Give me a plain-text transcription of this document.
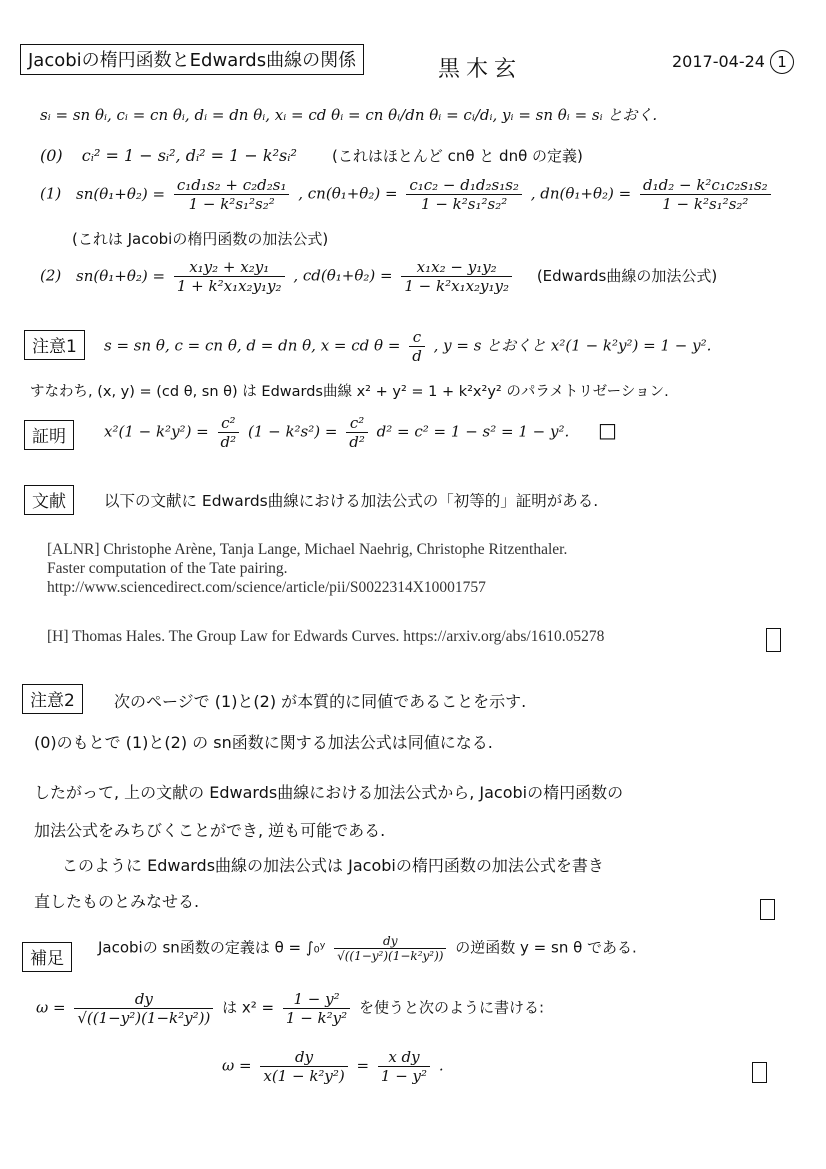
Jacobiの楕円函数とEdwards曲線の関係	黒木玄	2017-04-24 1
sᵢ = sn θᵢ, cᵢ = cn θᵢ, dᵢ = dn θᵢ, xᵢ = cd θᵢ = cn θᵢ/dn θᵢ = cᵢ/dᵢ, yᵢ = sn θᵢ = sᵢ とおく.
(0) cᵢ² = 1 − sᵢ², dᵢ² = 1 − k²sᵢ² (これはほとんど cnθ と dnθ の定義)
(1) $sn(\theta_1+\theta_2) = \frac{\text{c₁d₁s₂ + c₂d₂s₁}}{\text{1 − k²s₁²s₂²}}$ , $cn(\theta_1+\theta_2) = \frac{\text{c₁c₂ − d₁d₂s₁s₂}}{\text{1 − k²s₁²s₂²}}$ , $dn(\theta_1+\theta_2) = \frac{\text{d₁d₂ − k²c₁c₂s₁s₂}}{\text{1 − k²s₁²s₂²}}$
(これは Jacobiの楕円函数の加法公式)
(2) $sn(\theta_1+\theta_2) = \frac{\text{x₁y₂ + x₂y₁}}{\text{1 + k²x₁x₂y₁y₂}}$ , $cd(\theta_1+\theta_2) = \frac{\text{x₁x₂ − y₁y₂}}{\text{1 − k²x₁x₂y₁y₂}}$ (Edwards曲線の加法公式)
注意1	s = sn θ, c = cn θ, d = dn θ, x = cd $\theta = \frac{c}{d}$ , y = s とおくと x²(1 − k²y²) = 1 − y².
すなわち, (x, y) = (cd θ, sn θ) は Edwards曲線 x² + y² = 1 + k²x²y² のパラメトリゼーション.
証明	$x^2(1 - k^2y^2) = \frac{\text{c²}}{\text{d²}} (1 - k^2s^2) = \frac{\text{c²}}{\text{d²}} d^2 = c^2 = 1 - s^2 = 1 - y^2$. □
文献	以下の文献に Edwards曲線における加法公式の「初等的」証明がある.
[ALNR] Christophe Arène, Tanja Lange, Michael Naehrig, Christophe Ritzenthaler.
Faster computation of the Tate pairing.
http://www.sciencedirect.com/science/article/pii/S0022314X10001757
[H] Thomas Hales. The Group Law for Edwards Curves. https://arxiv.org/abs/1610.05278
注意2	次のページで (1)と(2) が本質的に同値であることを示す.
(0)のもとで (1)と(2) の sn函数に関する加法公式は同値になる.
したがって, 上の文献の Edwards曲線における加法公式から, Jacobiの楕円函数の
加法公式をみちびくことができ, 逆も可能である.
このように Edwards曲線の加法公式は Jacobiの楕円函数の加法公式を書き
直したものとみなせる.
補足
Jacobiの sn函数の定義は θ = ∫₀ʸ $\frac{dy}{\text{√((1−y²)(1−k²y²))}}$ の逆函数 y = sn θ である.
$\omega = \frac{dy}{\text{√((1−y²)(1−k²y²))}}$ は $x^2 = \frac{\text{1 − y²}}{\text{1 − k²y²}}$ を使うと次のように書ける:
$\omega = \frac{dy}{\text{x(1 − k²y²)}} = \frac{\text{x dy}}{\text{1 − y²}}$ .
